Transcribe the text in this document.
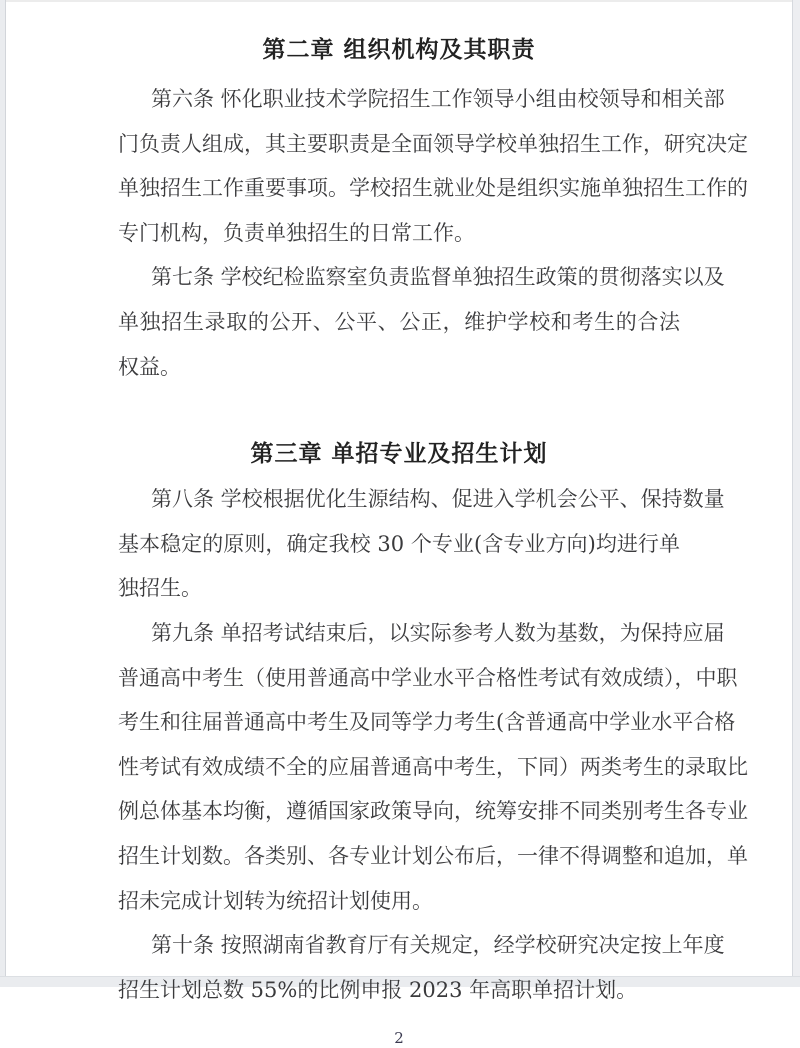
第二章 组织机构及其职责
第六条 怀化职业技术学院招生工作领导小组由校领导和相关部
门负责人组成，其主要职责是全面领导学校单独招生工作，研究决定
单独招生工作重要事项。学校招生就业处是组织实施单独招生工作的
专门机构，负责单独招生的日常工作。
第七条 学校纪检监察室负责监督单独招生政策的贯彻落实以及
单独招生录取的公开、公平、公正，维护学校和考生的合法权益。
第三章 单招专业及招生计划
第八条 学校根据优化生源结构、促进入学机会公平、保持数量
基本稳定的原则，确定我校 30 个专业(含专业方向)均进行单独招生。
第九条 单招考试结束后，以实际参考人数为基数，为保持应届
普通高中考生（使用普通高中学业水平合格性考试有效成绩），中职
考生和往届普通高中考生及同等学力考生(含普通高中学业水平合格
性考试有效成绩不全的应届普通高中考生，下同）两类考生的录取比
例总体基本均衡，遵循国家政策导向，统筹安排不同类别考生各专业
招生计划数。各类别、各专业计划公布后，一律不得调整和追加，单
招未完成计划转为统招计划使用。
第十条 按照湖南省教育厅有关规定，经学校研究决定按上年度
招生计划总数 55%的比例申报 2023 年高职单招计划。
2
